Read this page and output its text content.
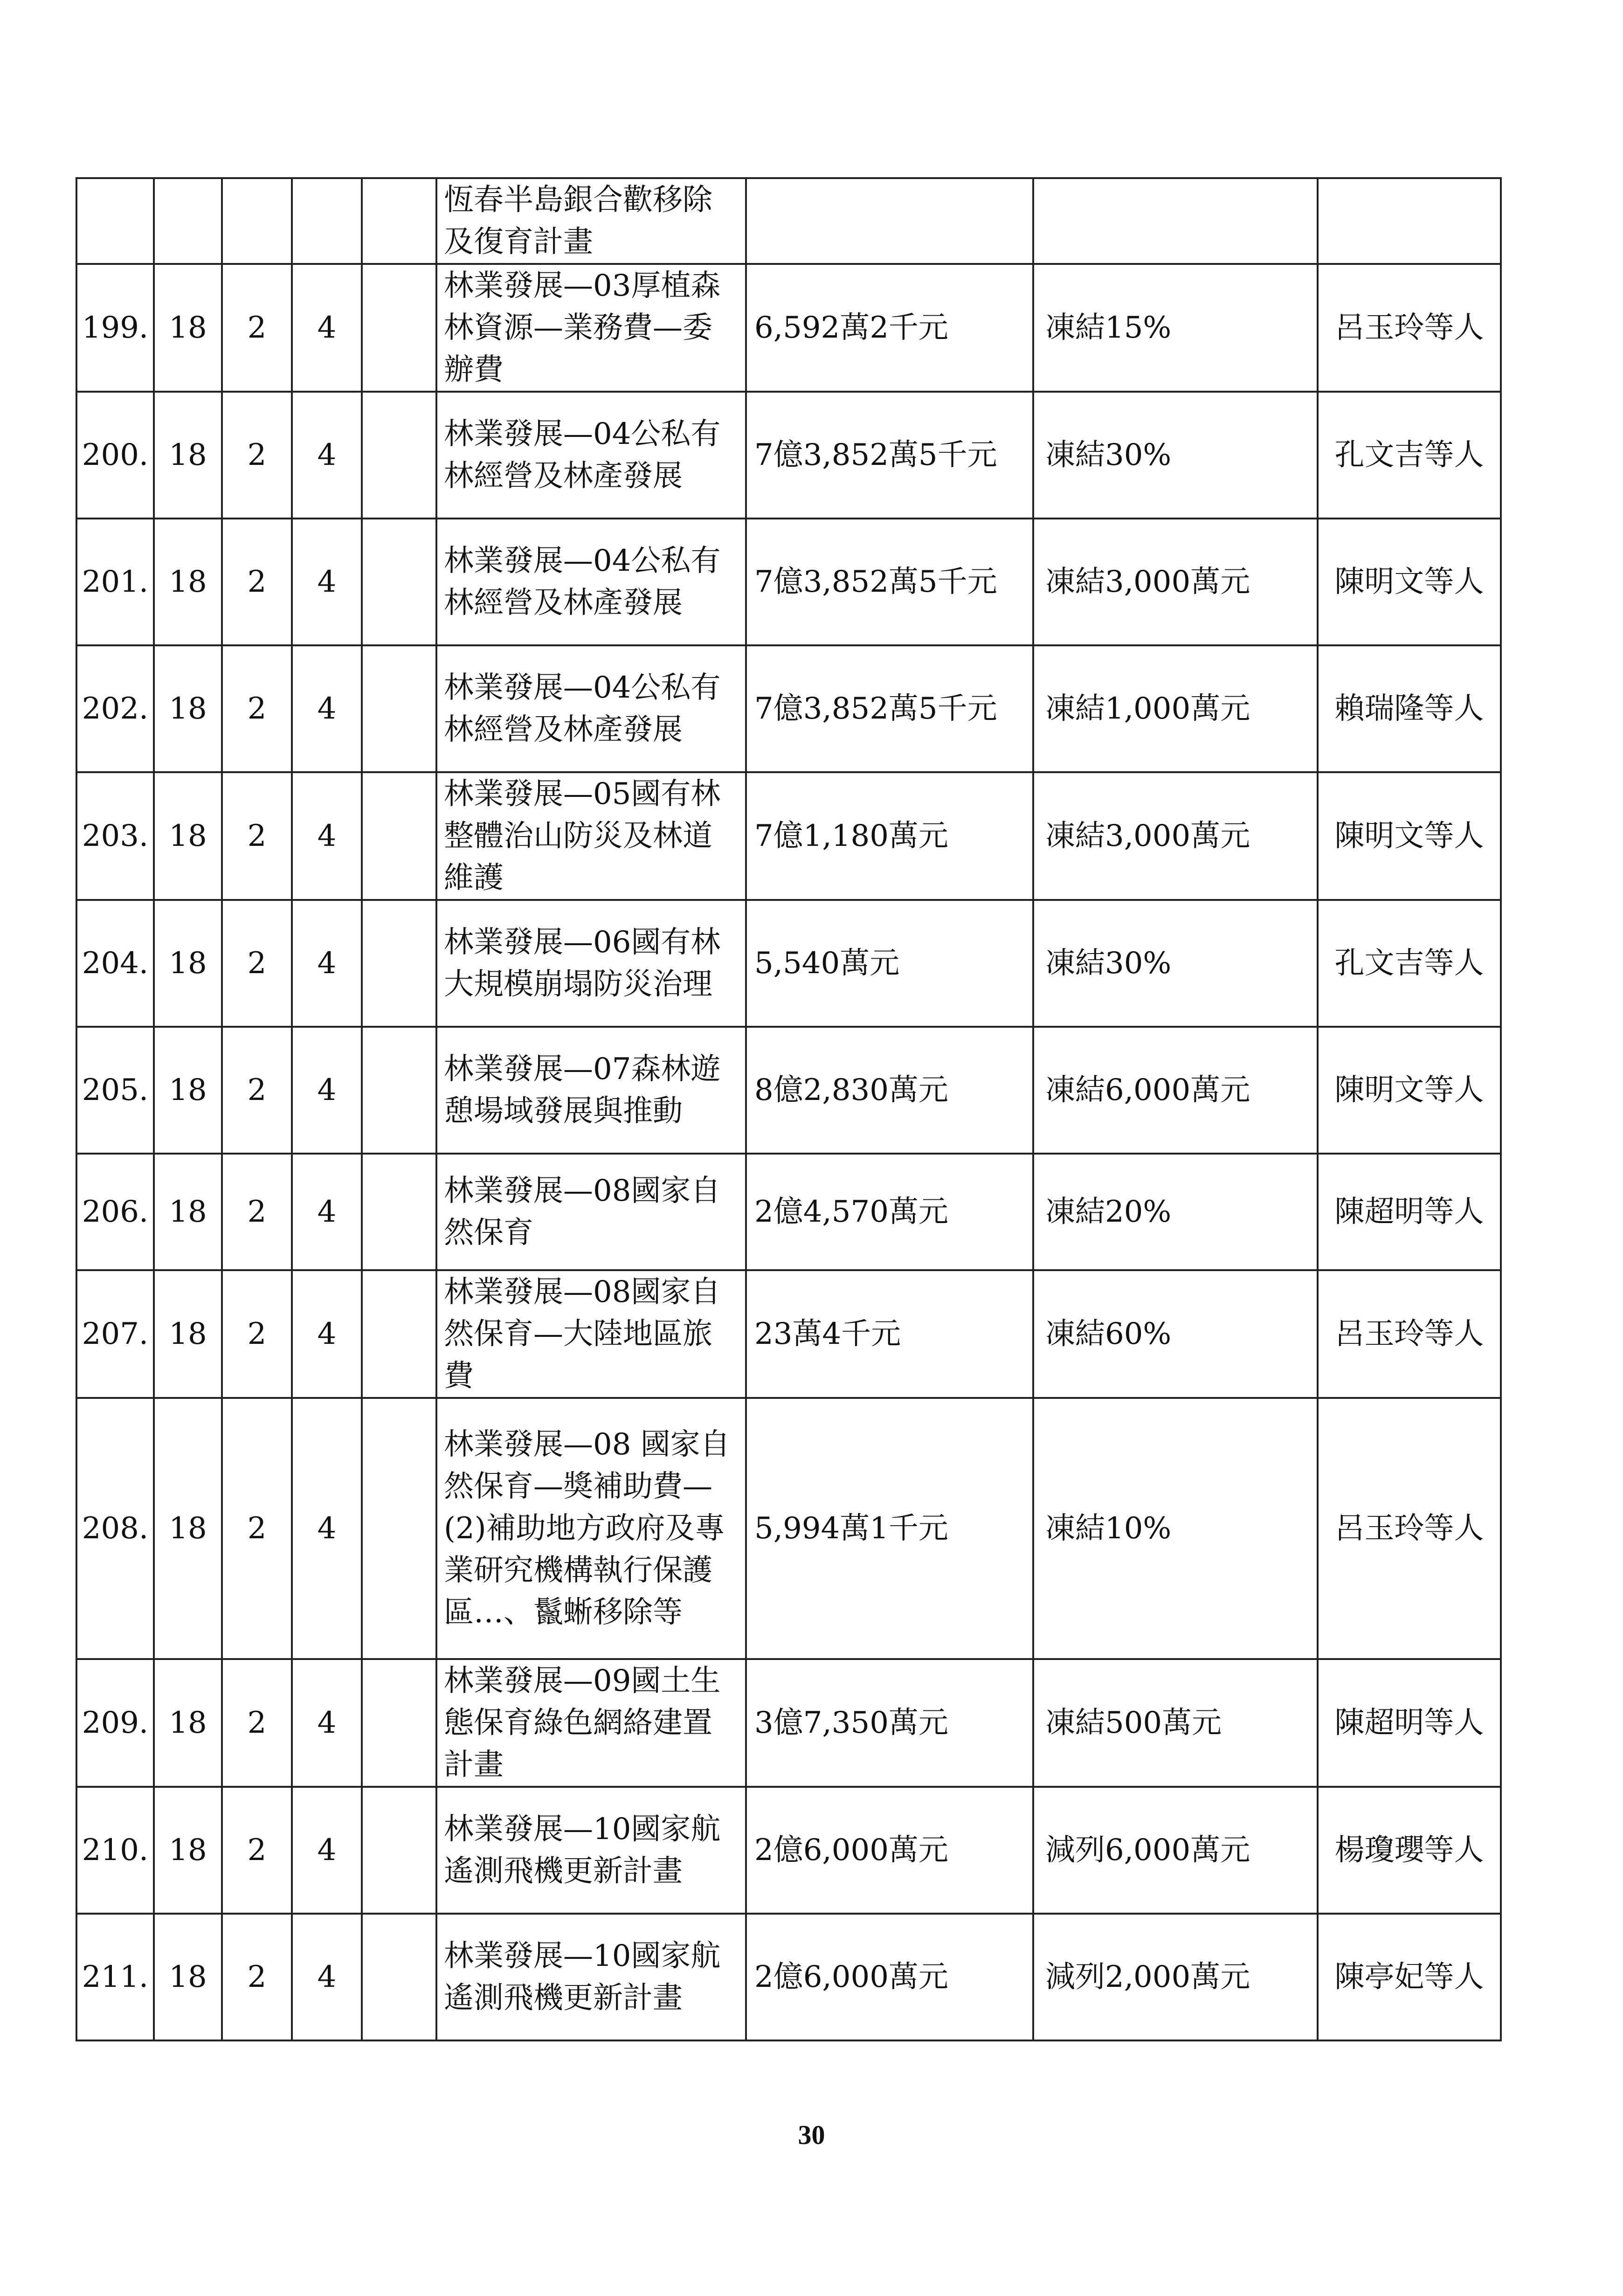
					恆春半島銀合歡移除及復育計畫			
199.	18	2	4		林業發展—03厚植森林資源—業務費—委辦費	6,592萬2千元	凍結15%	呂玉玲等人
200.	18	2	4		林業發展—04公私有林經營及林產發展	7億3,852萬5千元	凍結30%	孔文吉等人
201.	18	2	4		林業發展—04公私有林經營及林產發展	7億3,852萬5千元	凍結3,000萬元	陳明文等人
202.	18	2	4		林業發展—04公私有林經營及林產發展	7億3,852萬5千元	凍結1,000萬元	賴瑞隆等人
203.	18	2	4		林業發展—05國有林整體治山防災及林道維護	7億1,180萬元	凍結3,000萬元	陳明文等人
204.	18	2	4		林業發展—06國有林大規模崩塌防災治理	5,540萬元	凍結30%	孔文吉等人
205.	18	2	4		林業發展—07森林遊憩場域發展與推動	8億2,830萬元	凍結6,000萬元	陳明文等人
206.	18	2	4		林業發展—08國家自然保育	2億4,570萬元	凍結20%	陳超明等人
207.	18	2	4		林業發展—08國家自然保育—大陸地區旅費	23萬4千元	凍結60%	呂玉玲等人
208.	18	2	4		林業發展—08 國家自然保育—獎補助費—(2)補助地方政府及專業研究機構執行保護區…、鬣蜥移除等	5,994萬1千元	凍結10%	呂玉玲等人
209.	18	2	4		林業發展—09國土生態保育綠色網絡建置計畫	3億7,350萬元	凍結500萬元	陳超明等人
210.	18	2	4		林業發展—10國家航遙測飛機更新計畫	2億6,000萬元	減列6,000萬元	楊瓊瓔等人
211.	18	2	4		林業發展—10國家航遙測飛機更新計畫	2億6,000萬元	減列2,000萬元	陳亭妃等人
30
